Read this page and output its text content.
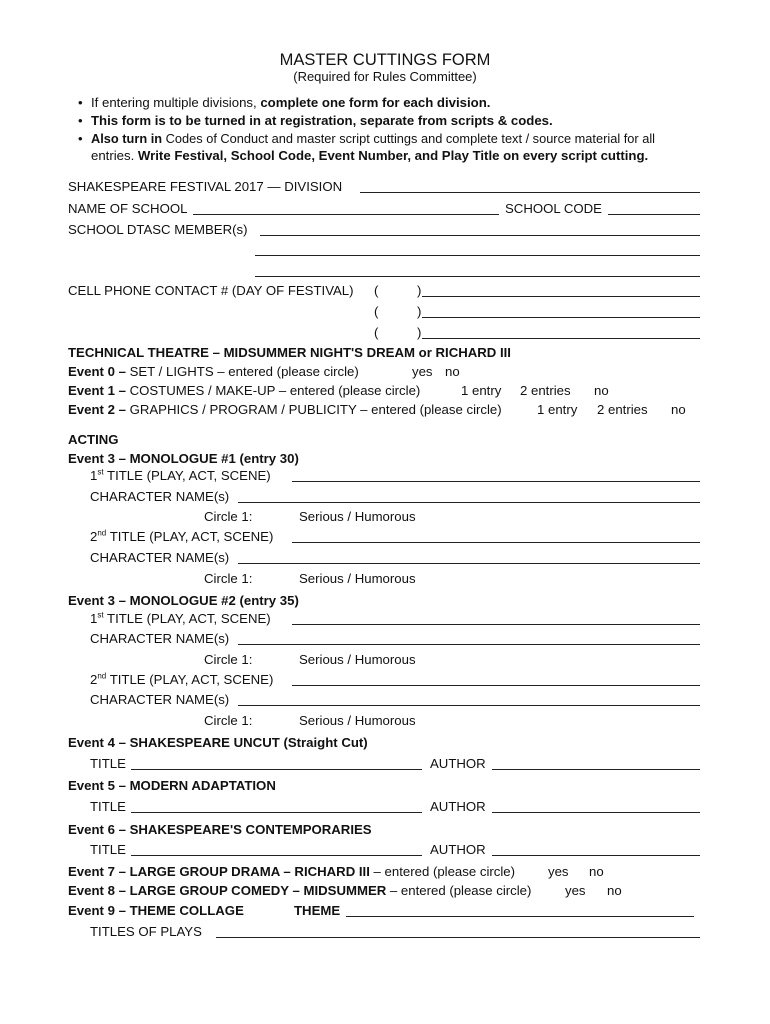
MASTER CUTTINGS FORM
(Required for Rules Committee)
• If entering multiple divisions, complete one form for each division.
• This form is to be turned in at registration, separate from scripts & codes.
• Also turn in Codes of Conduct and master script cuttings and complete text / source material for all
entries. Write Festival, School Code, Event Number, and Play Title on every script cutting.
SHAKESPEARE FESTIVAL 2017 — DIVISION
NAME OF SCHOOL	SCHOOL CODE
SCHOOL DTASC MEMBER(s)
CELL PHONE CONTACT # (DAY OF FESTIVAL) (	)
(	)
(	)
TECHNICAL THEATRE – MIDSUMMER NIGHT'S DREAM or RICHARD III
Event 0 – SET / LIGHTS – entered (please circle)	yes no
Event 1 – COSTUMES / MAKE-UP – entered (please circle)	1 entry 2 entries no
Event 2 – GRAPHICS / PROGRAM / PUBLICITY – entered (please circle)	1 entry 2 entries no
ACTING
Event 3 – MONOLOGUE #1 (entry 30)
1st TITLE (PLAY, ACT, SCENE)
CHARACTER NAME(s)
Circle 1:	Serious / Humorous
2nd TITLE (PLAY, ACT, SCENE)
CHARACTER NAME(s)
Circle 1:	Serious / Humorous
Event 3 – MONOLOGUE #2 (entry 35)
1st TITLE (PLAY, ACT, SCENE)
CHARACTER NAME(s)
Circle 1:	Serious / Humorous
2nd TITLE (PLAY, ACT, SCENE)
CHARACTER NAME(s)
Circle 1:	Serious / Humorous
Event 4 – SHAKESPEARE UNCUT (Straight Cut)
TITLE	AUTHOR
Event 5 – MODERN ADAPTATION
TITLE	AUTHOR
Event 6 – SHAKESPEARE'S CONTEMPORARIES
TITLE	AUTHOR
Event 7 – LARGE GROUP DRAMA – RICHARD III – entered (please circle) yes no
Event 8 – LARGE GROUP COMEDY – MIDSUMMER – entered (please circle)	yes no
Event 9 – THEME COLLAGE	THEME
TITLES OF PLAYS
